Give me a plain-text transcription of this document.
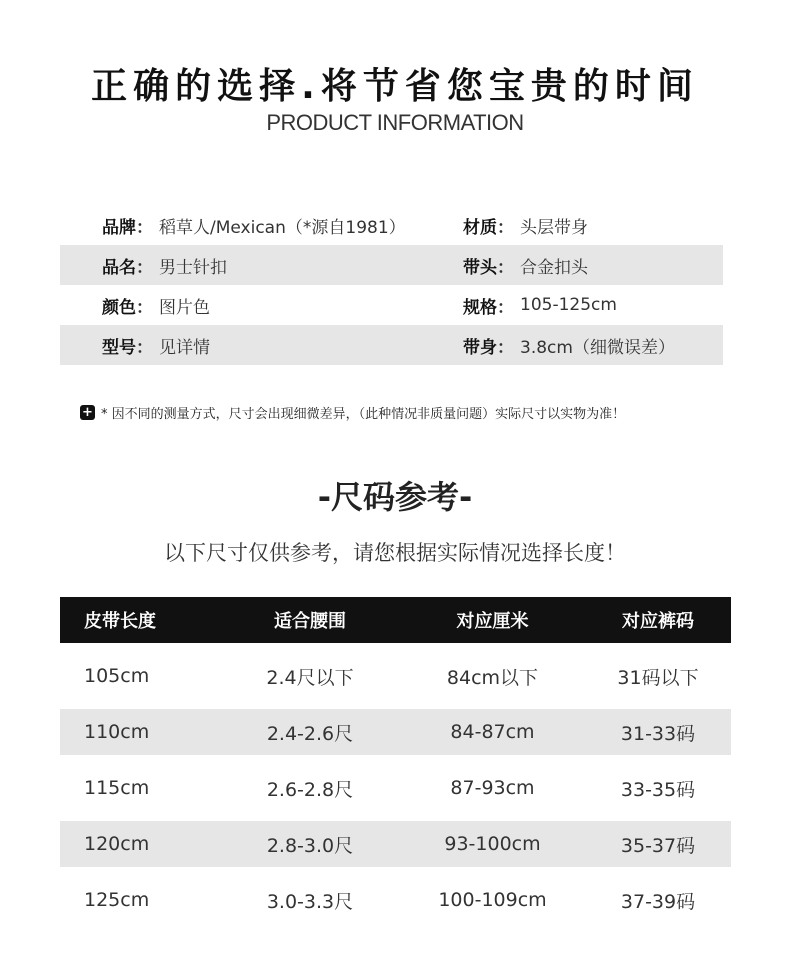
正确的选择.将节省您宝贵的时间
PRODUCT INFORMATION
品牌 ： 稻草人/Mexican（*源自1981）	材质 ： 头层带身
品名 ： 男士针扣	带头 ： 合金扣头
颜色 ： 图片色	规格 ： 105-125cm
型号 ： 见详情	带身 ： 3.8cm（细微误差）
+ * 因不同的测量方式，尺寸会出现细微差异，（此种情况非质量问题）实际尺寸以实物为准！
-尺码参考-
以下尺寸仅供参考，请您根据实际情况选择长度！
皮带长度	适合腰围	对应厘米	对应裤码
105cm	2.4尺以下	84cm以下	31码以下
110cm	2.4-2.6尺	84-87cm	31-33码
115cm	2.6-2.8尺	87-93cm	33-35码
120cm	2.8-3.0尺	93-100cm	35-37码
125cm	3.0-3.3尺	100-109cm	37-39码
